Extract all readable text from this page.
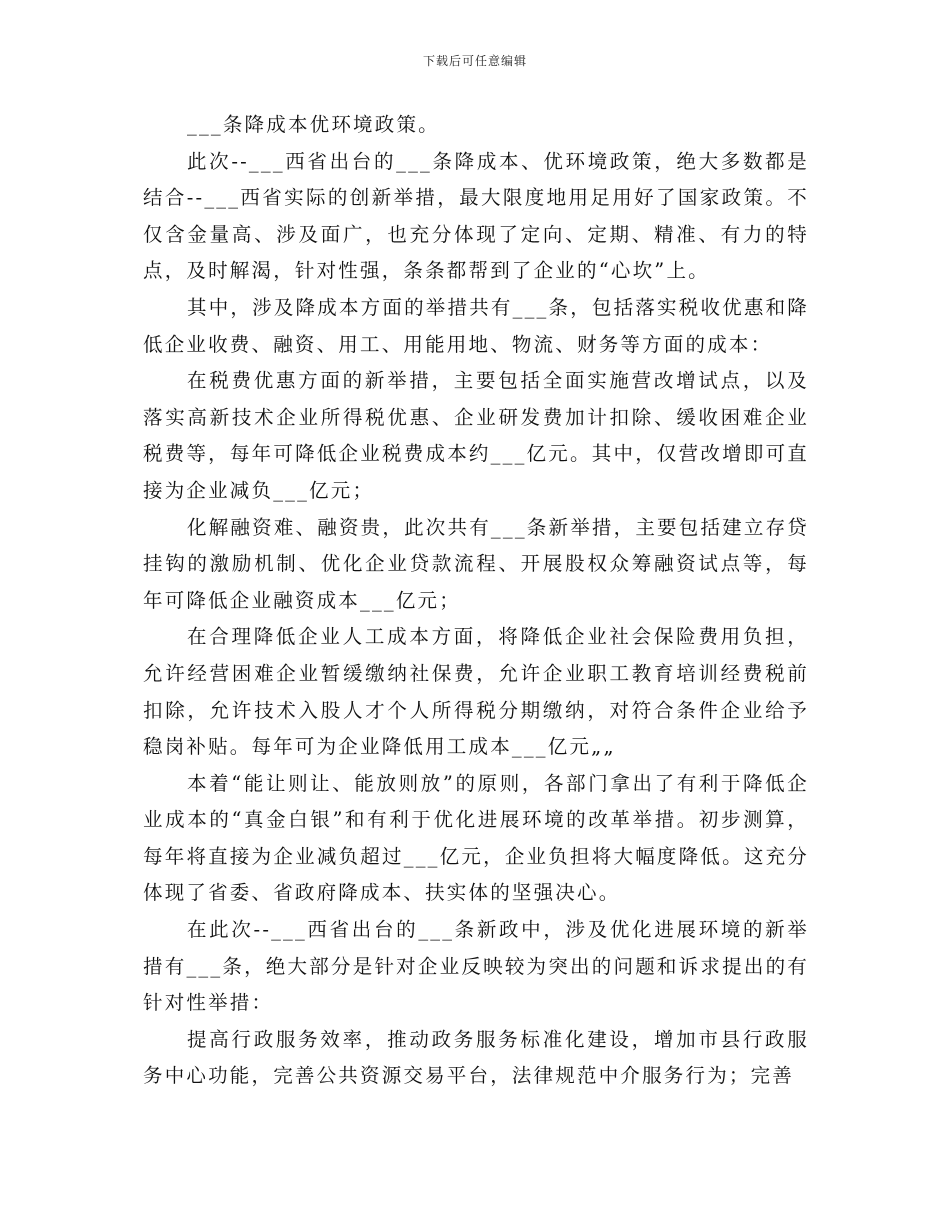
下载后可任意编辑

___条降成本优环境政策。

此次--___西省出台的___条降成本、优环境政策，绝大多数都是结合--___西省实际的创新举措，最大限度地用足用好了国家政策。不仅含金量高、涉及面广，也充分体现了定向、定期、精准、有力的特点，及时解渴，针对性强，条条都帮到了企业的“心坎”上。

其中，涉及降成本方面的举措共有___条，包括落实税收优惠和降低企业收费、融资、用工、用能用地、物流、财务等方面的成本：

在税费优惠方面的新举措，主要包括全面实施营改增试点，以及落实高新技术企业所得税优惠、企业研发费加计扣除、缓收困难企业税费等，每年可降低企业税费成本约___亿元。其中，仅营改增即可直接为企业减负___亿元；

化解融资难、融资贵，此次共有___条新举措，主要包括建立存贷挂钩的激励机制、优化企业贷款流程、开展股权众筹融资试点等，每年可降低企业融资成本___亿元；

在合理降低企业人工成本方面，将降低企业社会保险费用负担，允许经营困难企业暂缓缴纳社保费，允许企业职工教育培训经费税前扣除，允许技术入股人才个人所得税分期缴纳，对符合条件企业给予稳岗补贴。每年可为企业降低用工成本___亿元„„

本着“能让则让、能放则放”的原则，各部门拿出了有利于降低企业成本的“真金白银”和有利于优化进展环境的改革举措。初步测算，每年将直接为企业减负超过___亿元，企业负担将大幅度降低。这充分体现了省委、省政府降成本、扶实体的坚强决心。

在此次--___西省出台的___条新政中，涉及优化进展环境的新举措有___条，绝大部分是针对企业反映较为突出的问题和诉求提出的有针对性举措：

提高行政服务效率，推动政务服务标准化建设，增加市县行政服务中心功能，完善公共资源交易平台，法律规范中介服务行为；完善
